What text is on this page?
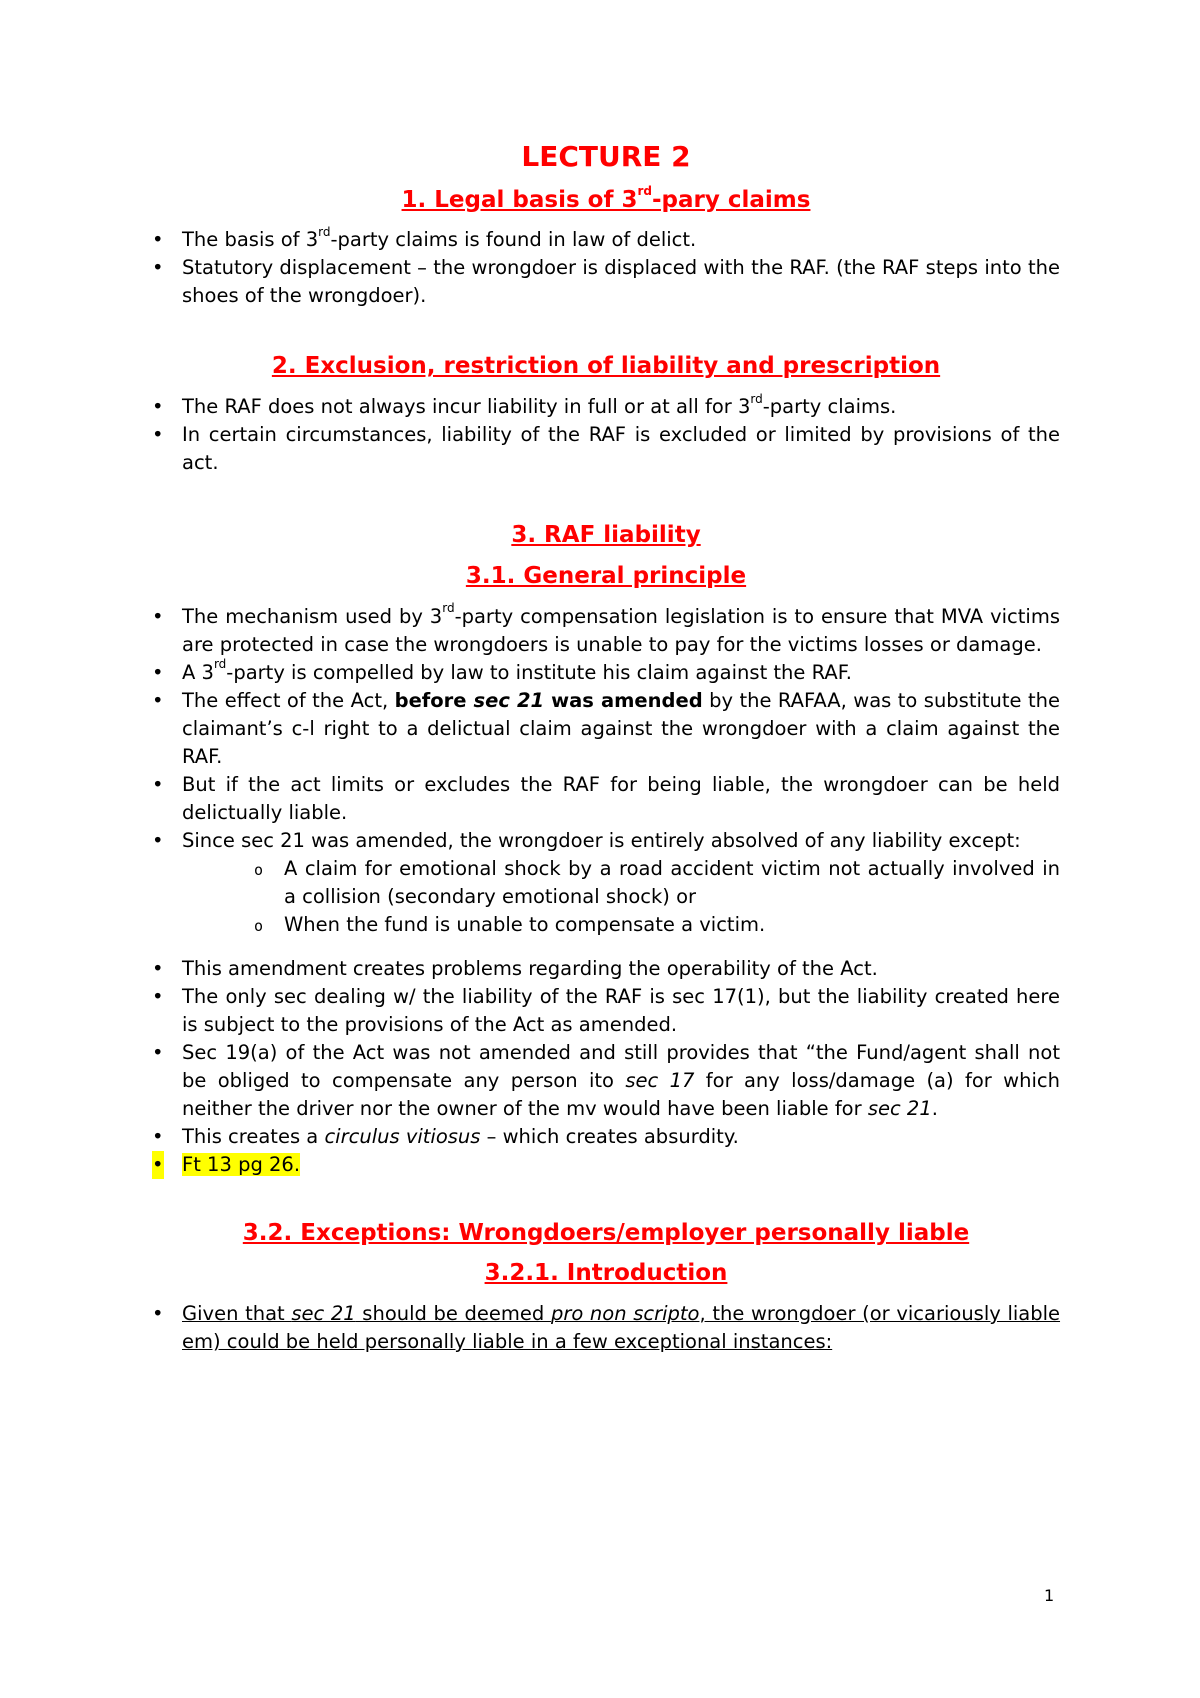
LECTURE 2
1. Legal basis of 3rd-pary claims
• The basis of 3rd-party claims is found in law of delict.
• Statutory displacement – the wrongdoer is displaced with the RAF. (the RAF steps into the shoes of the wrongdoer).
2. Exclusion, restriction of liability and prescription
• The RAF does not always incur liability in full or at all for 3rd-party claims.
• In certain circumstances, liability of the RAF is excluded or limited by provisions of the act.
3. RAF liability
3.1. General principle
• The mechanism used by 3rd-party compensation legislation is to ensure that MVA victims are protected in case the wrongdoers is unable to pay for the victims losses or damage.
• A 3rd-party is compelled by law to institute his claim against the RAF.
• The effect of the Act, before sec 21 was amended by the RAFAA, was to substitute the claimant’s c-l right to a delictual claim against the wrongdoer with a claim against the RAF.
• But if the act limits or excludes the RAF for being liable, the wrongdoer can be held delictually liable.
• Since sec 21 was amended, the wrongdoer is entirely absolved of any liability except:
o A claim for emotional shock by a road accident victim not actually involved in a collision (secondary emotional shock) or
o When the fund is unable to compensate a victim.
• This amendment creates problems regarding the operability of the Act.
• The only sec dealing w/ the liability of the RAF is sec 17(1), but the liability created here is subject to the provisions of the Act as amended.
• Sec 19(a) of the Act was not amended and still provides that “the Fund/agent shall not be obliged to compensate any person ito sec 17 for any loss/damage (a) for which neither the driver nor the owner of the mv would have been liable for sec 21.
• This creates a circulus vitiosus – which creates absurdity.
• Ft 13 pg 26.
3.2. Exceptions: Wrongdoers/employer personally liable
3.2.1. Introduction
• Given that sec 21 should be deemed pro non scripto, the wrongdoer (or vicariously liable em) could be held personally liable in a few exceptional instances:
1
